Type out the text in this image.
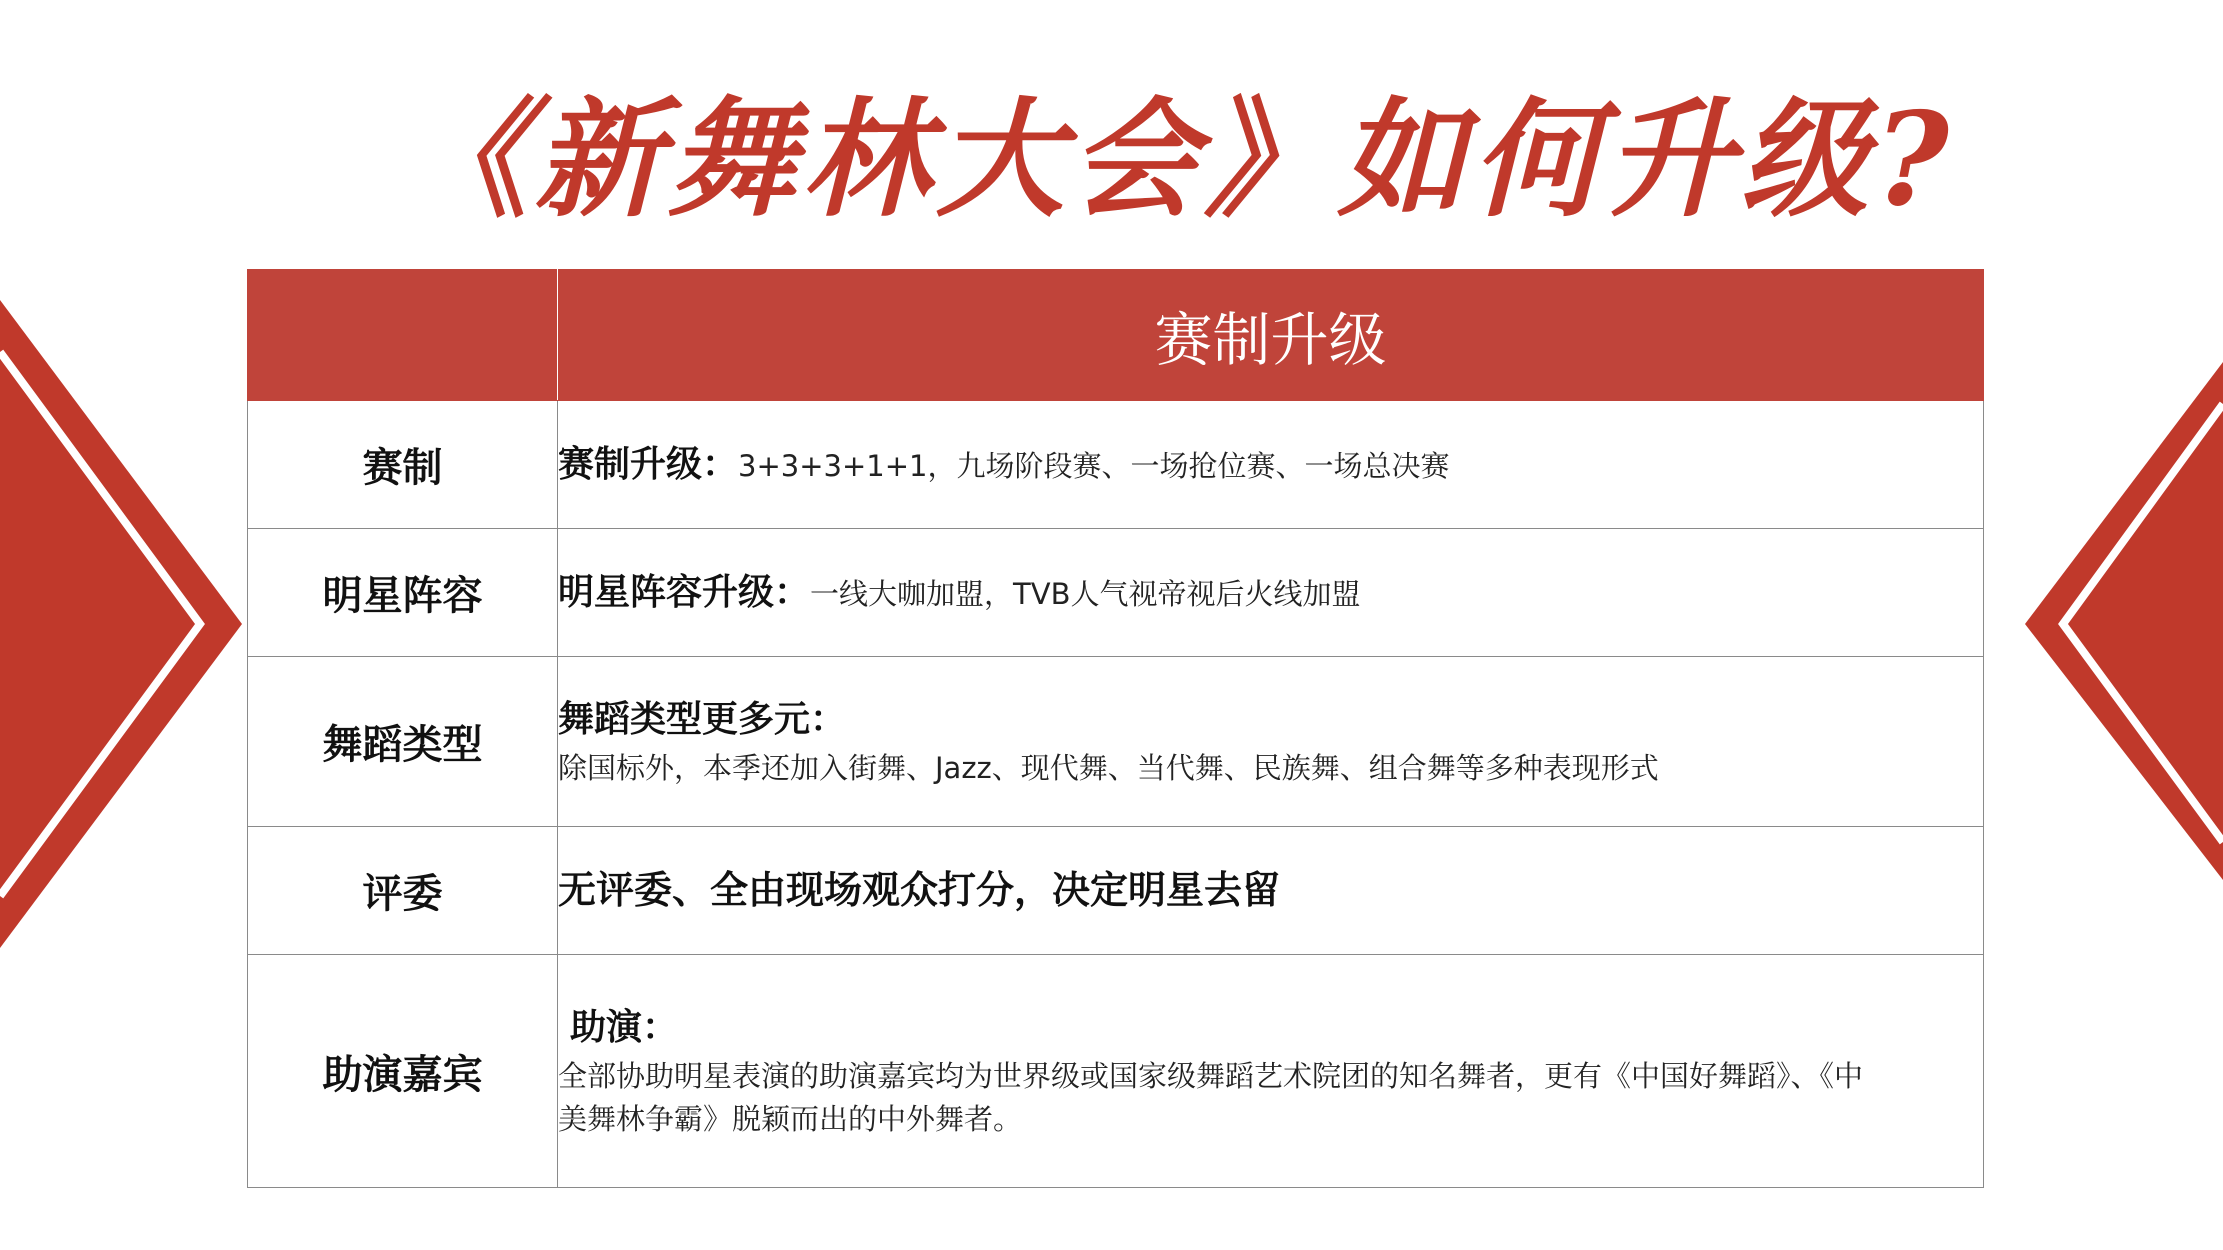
《新舞林大会》如何升级?
	赛制升级
赛制	赛制升级：3+3+3+1+1，九场阶段赛、一场抢位赛、一场总决赛
明星阵容	明星阵容升级：一线大咖加盟，TVB人气视帝视后火线加盟
舞蹈类型	舞蹈类型更多元：
除国标外，本季还加入街舞、Jazz、现代舞、当代舞、民族舞、组合舞等多种表现形式

评委	无评委、全由现场观众打分，决定明星去留
助演嘉宾	助演：
全部协助明星表演的助演嘉宾均为世界级或国家级舞蹈艺术院团的知名舞者，更有《中国好舞蹈》、《中
美舞林争霸》脱颖而出的中外舞者。
